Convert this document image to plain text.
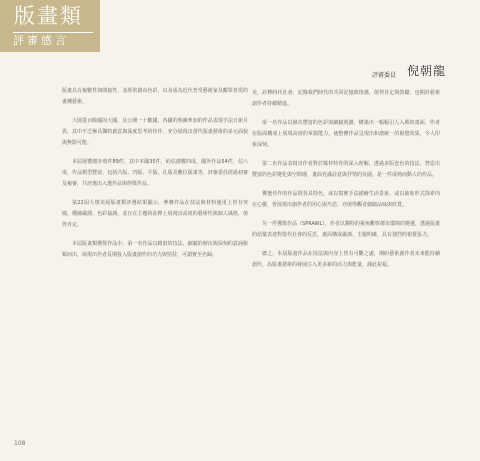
版畫類
評審感言
評審委員 倪朝龍

版畫具有複數性與間接性，並經常藉由色彩，以及成為近代普受藝術家及觀眾喜愛的畫種藝術。

大展從百餘國的大國，及公開一十數國，各國的熟練參加的作品表現手法日新月異，其中不乏極具獨特創意與深度思考的佳作，充分展現出當代版畫藝術的多元面貌與無限可能。

本屆展覽總計收件89件，其中本國35件，約佔總數四成，國外作品54件，佔六成，作品類型豐富，包括凸版、凹版、平版、孔版及數位版畫等，評審委員經過初審及複審，共評選出入選作品與得獎作品。

第22屆大墩美展版畫類評選結果顯示，參賽作品在技法與材料運用上皆有突破，構圖嚴謹、色彩協調，並且在主題的詮釋上展現出高度的藝術性與個人風格，值得肯定。

本屆版畫類獲獎作品中，第一名作品以精湛的技法、細膩的層次與深刻的意涵脫穎而出，展現出作者長期投入版畫創作的功力與堅持，可謂實至名歸。

美，詮釋時代社會，記錄我們時代的共同記憶與情感，值得肯定與鼓勵，也期許藝術創作者持續精進。

第一名作品以層次豐富的色彩與細膩刻劃，構築出一幅幅引人入勝的畫面，作者在版面構成上展現高度的掌握能力，使整體作品呈現出和諧統一的視覺效果，令人印象深刻。

第二名作品表現出作者對於媒材特性的深入理解，透過多版套色的技法，營造出豐富的色彩變化與空間感，畫面充滿詩意與抒情的氛圍，是一件成熟而動人的作品。

獲選佳作的作品則各具特色，或以寫實手法描繪生活景象，或以抽象形式探索內在心靈，皆展現出創作者的用心與巧思，亦值得觀者細細品味與欣賞。

另一件獲獎作品（SPRAWL），作者以獨特的視角觀察都市環境的變遷，透過版畫的語彙表達對當代社會的反思，畫面構成嚴謹、主題明確，具有強烈的視覺張力。

總之，本屆版畫作品在技法與內容上皆有可觀之處，期盼藝術創作者未來能持續創作，為版畫藝術的發展注入更多新的活力與能量，謹此祝福。

108
